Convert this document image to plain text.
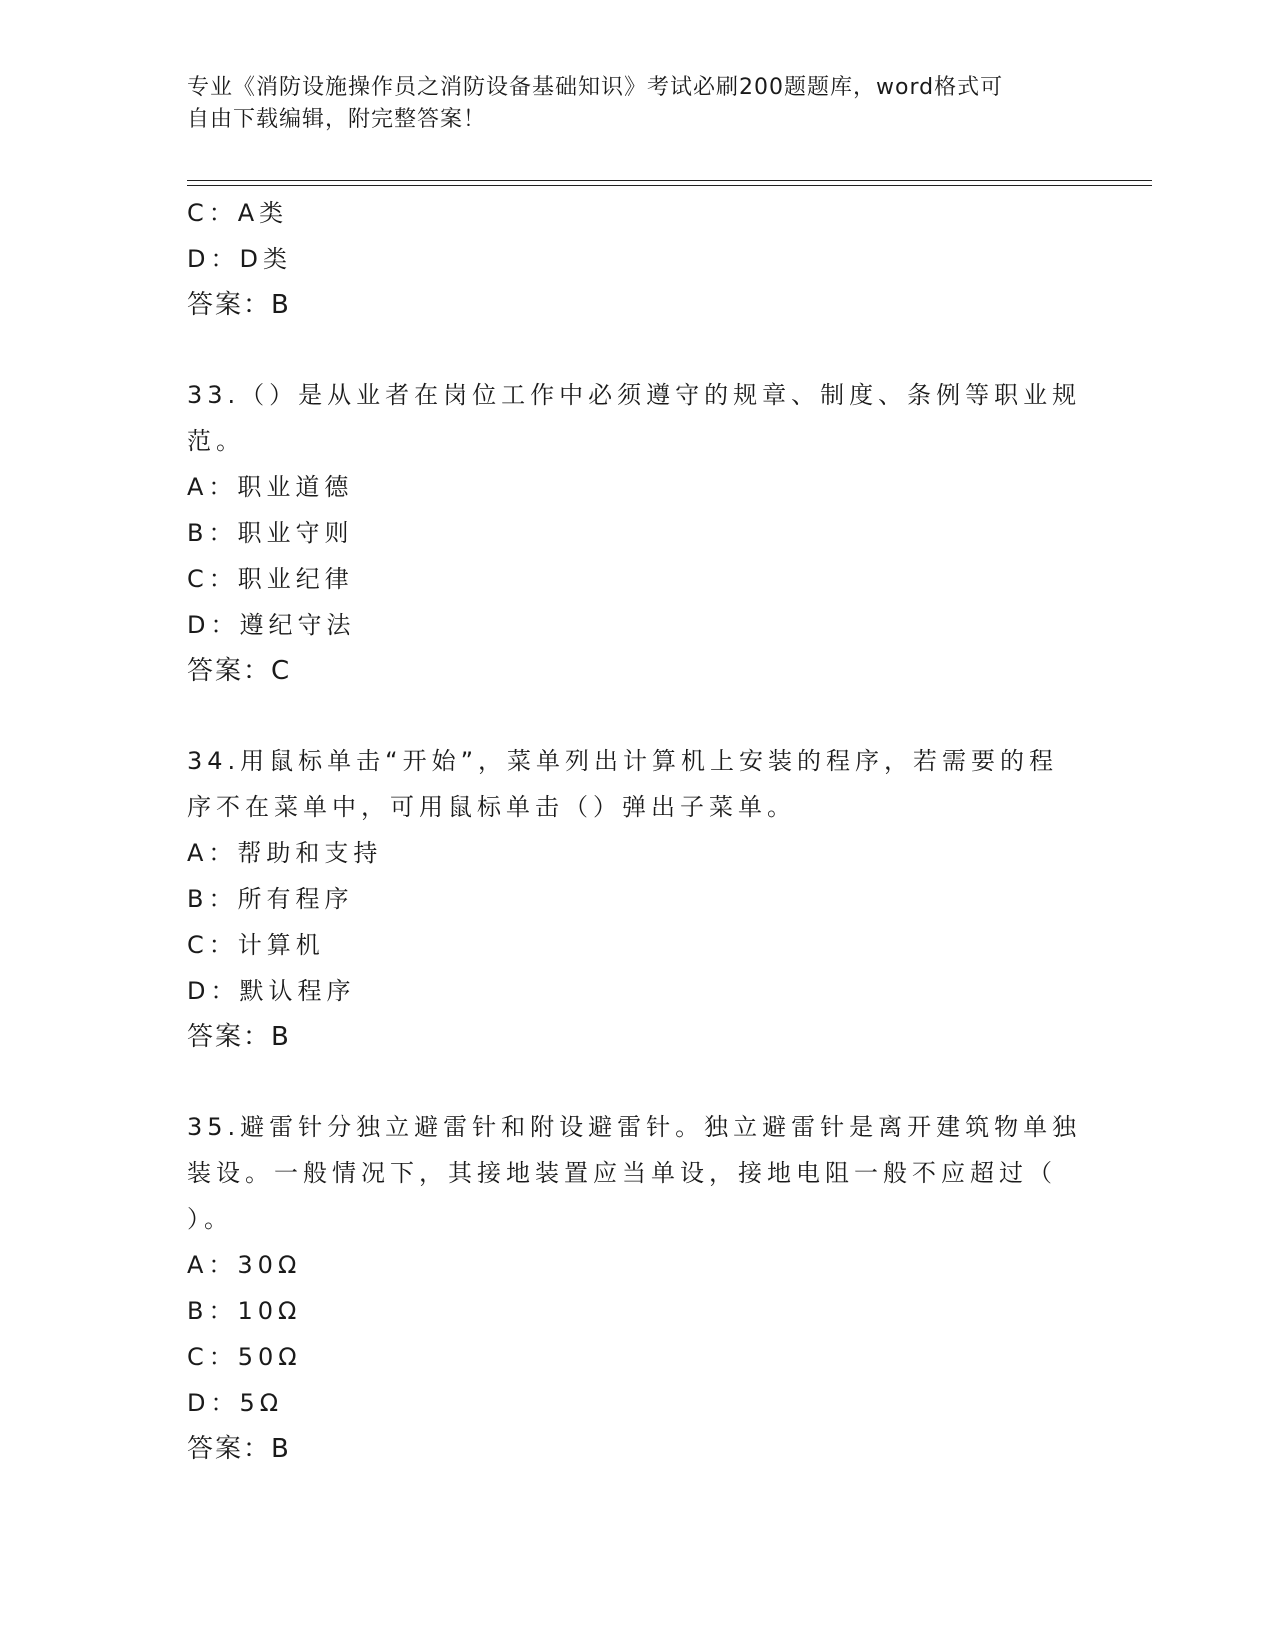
专业《消防设施操作员之消防设备基础知识》考试必刷200题题库，word格式可
自由下载编辑，附完整答案！
C：A类
D：D类
答案：B
33.（）是从业者在岗位工作中必须遵守的规章、制度、条例等职业规
范。
A：职业道德
B：职业守则
C：职业纪律
D：遵纪守法
答案：C
34.用鼠标单击“开始”，菜单列出计算机上安装的程序，若需要的程
序不在菜单中，可用鼠标单击（）弹出子菜单。
A：帮助和支持
B：所有程序
C：计算机
D：默认程序
答案：B
35.避雷针分独立避雷针和附设避雷针。独立避雷针是离开建筑物单独
装设。一般情况下，其接地装置应当单设，接地电阻一般不应超过（
）。
A：30Ω
B：10Ω
C：50Ω
D：5Ω
答案：B
